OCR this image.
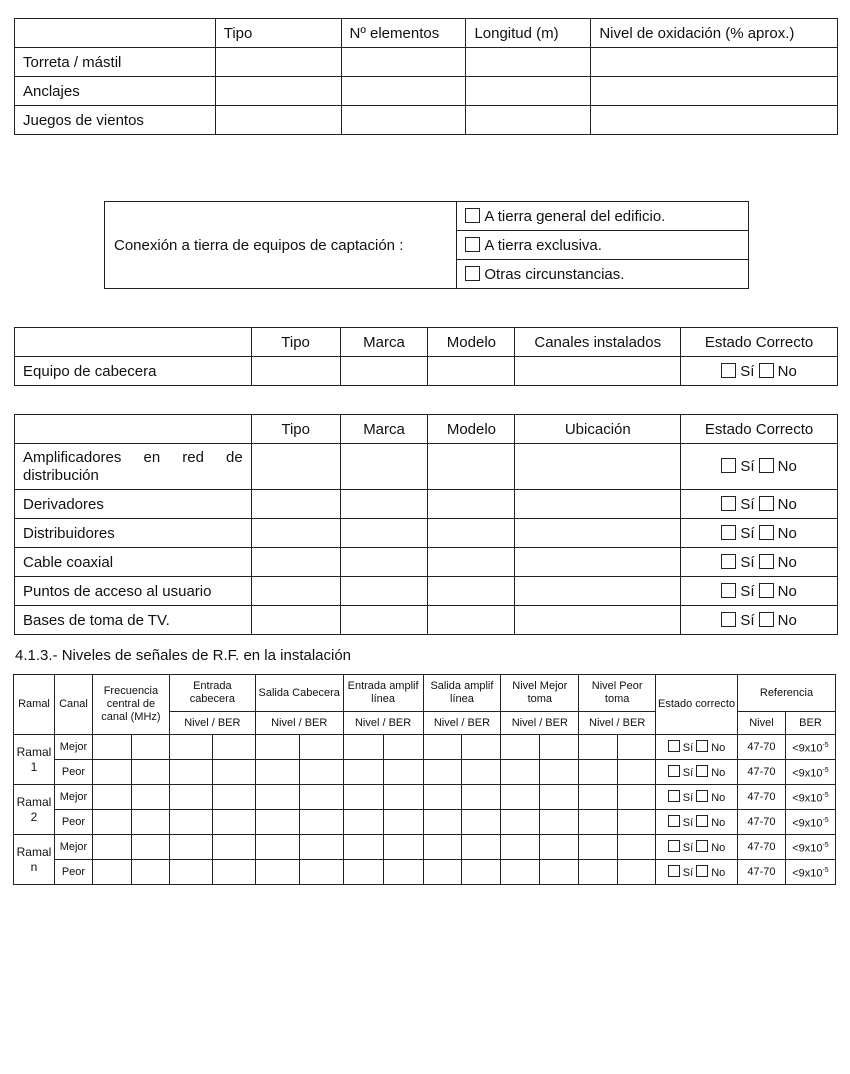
	Tipo	Nº elementos	Longitud (m)	Nivel de oxidación (% aprox.)
Torreta / mástil				
Anclajes				
Juegos de vientos				
Conexión a tierra de equipos de captación :	A tierra general del edificio.
A tierra exclusiva.
Otras circunstancias.
	Tipo	Marca	Modelo	Canales instalados	Estado Correcto
Equipo de cabecera					Sí No
	Tipo	Marca	Modelo	Ubicación	Estado Correcto
Amplificadores en red de distribución					Sí No
Derivadores					Sí No
Distribuidores					Sí No
Cable coaxial					Sí No
Puntos de acceso al usuario					Sí No
Bases de toma de TV.					Sí No
4.1.3.- Niveles de señales de R.F. en la instalación
Ramal	Canal	Frecuencia central de canal (MHz)		Entrada cabecera		Salida Cabecera		Entrada amplif línea		Salida amplif línea		Nivel Mejor toma		Nivel Peor toma		Estado correcto	Referencia	
				Nivel / BER		Nivel / BER		Nivel / BER		Nivel / BER		Nivel / BER		Nivel / BER			Nivel	BER
Ramal 1	Mejor															Sí No	47-70	$<9x10^{-5}$
	Peor															Sí No	47-70	$<9x10^{-5}$
Ramal 2	Mejor															Sí No	47-70	$<9x10^{-5}$
	Peor															Sí No	47-70	$<9x10^{-5}$
Ramal n	Mejor															Sí No	47-70	$<9x10^{-5}$
	Peor															Sí No	47-70	$<9x10^{-5}$
